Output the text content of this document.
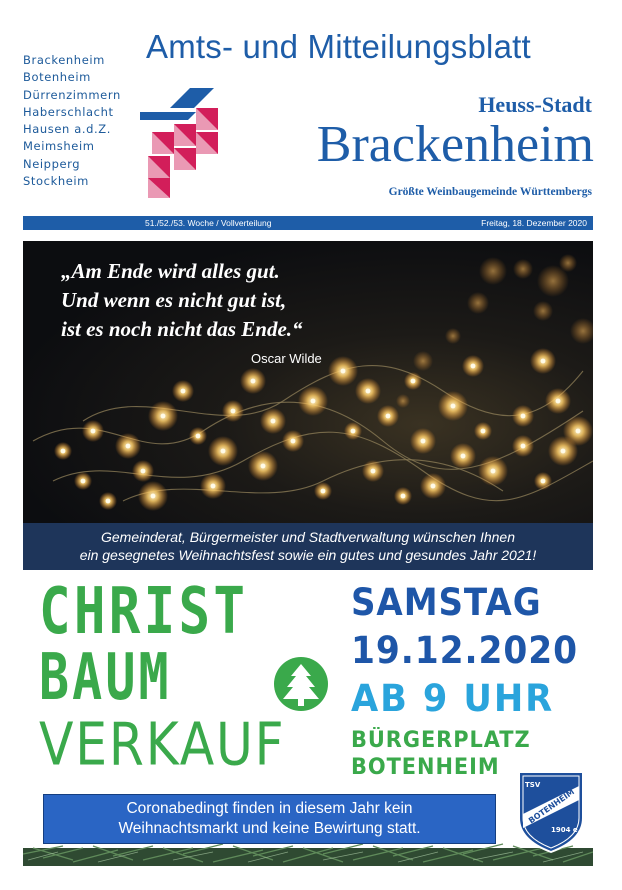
Brackenheim
Botenheim
Dürrenzimmern
Haberschlacht
Hausen a.d.Z.
Meimsheim
Neipperg
Stockheim
Amts- und Mitteilungsblatt
Heuss-Stadt
Brackenheim
Größte Weinbaugemeinde Württembergs
51./52./53. Woche / Vollverteilung	Freitag, 18. Dezember 2020
„Am Ende wird alles gut.
Und wenn es nicht gut ist,
ist es noch nicht das Ende.“
Oscar Wilde
Gemeinderat, Bürgermeister und Stadtverwaltung wünschen Ihnen
ein gesegnetes Weihnachtsfest sowie ein gutes und gesundes Jahr 2021!
CHRIST
BAUM
VERKAUF
SAMSTAG
19.12.2020
AB 9 UHR
BÜRGERPLATZ
BOTENHEIM
Coronabedingt finden in diesem Jahr kein
Weihnachtsmarkt und keine Bewirtung statt.
TSV
BOTENHEIM
1904 e.V.
